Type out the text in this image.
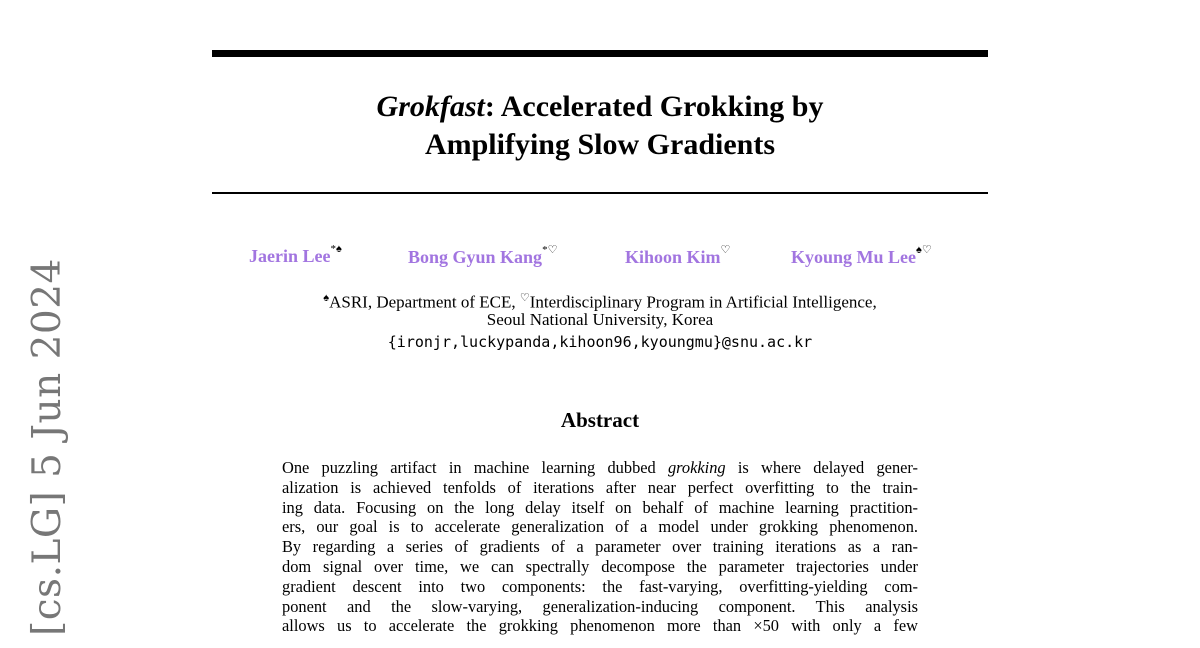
[cs.LG] 5 Jun 2024
Grokfast: Accelerated Grokking by
Amplifying Slow Gradients
Jaerin Lee*♠	Bong Gyun Kang*♡	Kihoon Kim♡	Kyoung Mu Lee♠♡
♠ASRI, Department of ECE, ♡Interdisciplinary Program in Artificial Intelligence,
Seoul National University, Korea
{ironjr,luckypanda,kihoon96,kyoungmu}@snu.ac.kr
Abstract
One puzzling artifact in machine learning dubbed grokking is where delayed gener-
alization is achieved tenfolds of iterations after near perfect overfitting to the train-
ing data. Focusing on the long delay itself on behalf of machine learning practition-
ers, our goal is to accelerate generalization of a model under grokking phenomenon.
By regarding a series of gradients of a parameter over training iterations as a ran-
dom signal over time, we can spectrally decompose the parameter trajectories under
gradient descent into two components: the fast-varying, overfitting-yielding com-
ponent and the slow-varying, generalization-inducing component. This analysis
allows us to accelerate the grokking phenomenon more than ×50 with only a few
